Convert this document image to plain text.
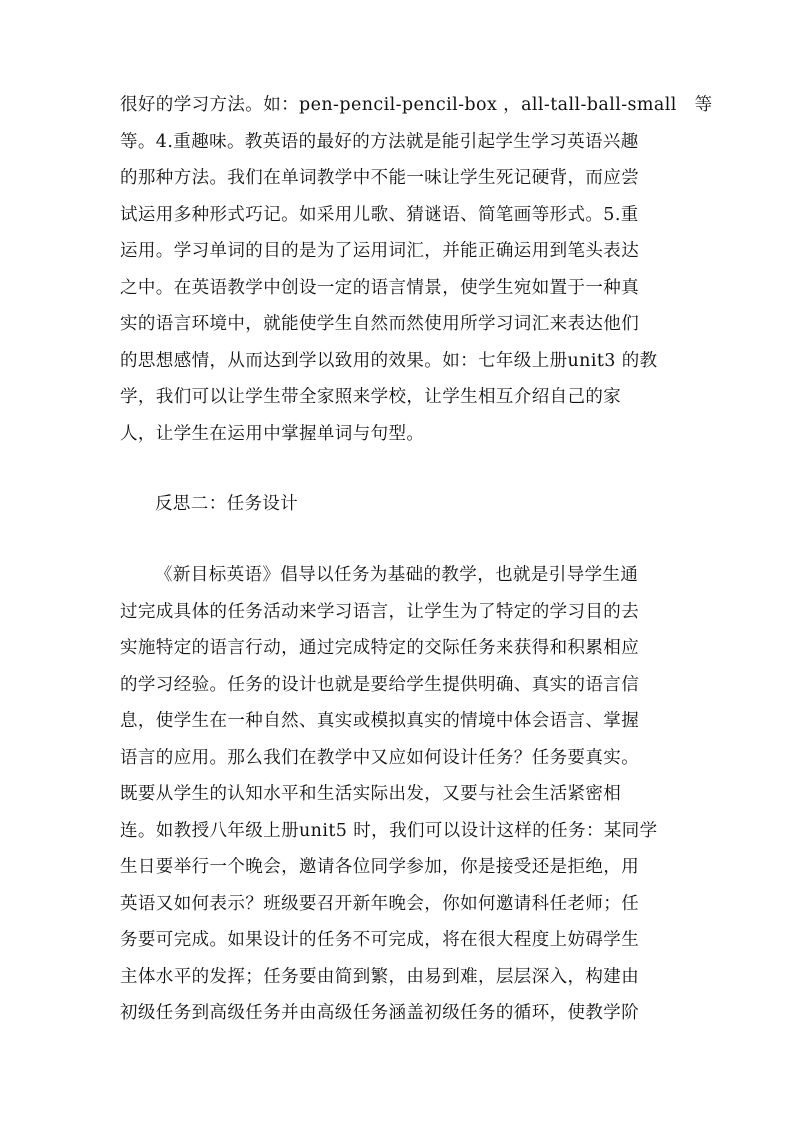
很好的学习方法。如：pen-pencil-pencil-box ，all-tall-ball-small　等
等。4.重趣味。教英语的最好的方法就是能引起学生学习英语兴趣
的那种方法。我们在单词教学中不能一味让学生死记硬背，而应尝
试运用多种形式巧记。如采用儿歌、猜谜语、简笔画等形式。5.重
运用。学习单词的目的是为了运用词汇，并能正确运用到笔头表达
之中。在英语教学中创设一定的语言情景，使学生宛如置于一种真
实的语言环境中，就能使学生自然而然使用所学习词汇来表达他们
的思想感情，从而达到学以致用的效果。如：七年级上册unit3 的教
学，我们可以让学生带全家照来学校，让学生相互介绍自己的家
人，让学生在运用中掌握单词与句型。
反思二：任务设计
《新目标英语》倡导以任务为基础的教学，也就是引导学生通
过完成具体的任务活动来学习语言，让学生为了特定的学习目的去
实施特定的语言行动，通过完成特定的交际任务来获得和积累相应
的学习经验。任务的设计也就是要给学生提供明确、真实的语言信
息，使学生在一种自然、真实或模拟真实的情境中体会语言、掌握
语言的应用。那么我们在教学中又应如何设计任务？任务要真实。
既要从学生的认知水平和生活实际出发，又要与社会生活紧密相
连。如教授八年级上册unit5 时，我们可以设计这样的任务：某同学
生日要举行一个晚会，邀请各位同学参加，你是接受还是拒绝，用
英语又如何表示？班级要召开新年晚会，你如何邀请科任老师；任
务要可完成。如果设计的任务不可完成，将在很大程度上妨碍学生
主体水平的发挥；任务要由简到繁，由易到难，层层深入，构建由
初级任务到高级任务并由高级任务涵盖初级任务的循环，使教学阶
